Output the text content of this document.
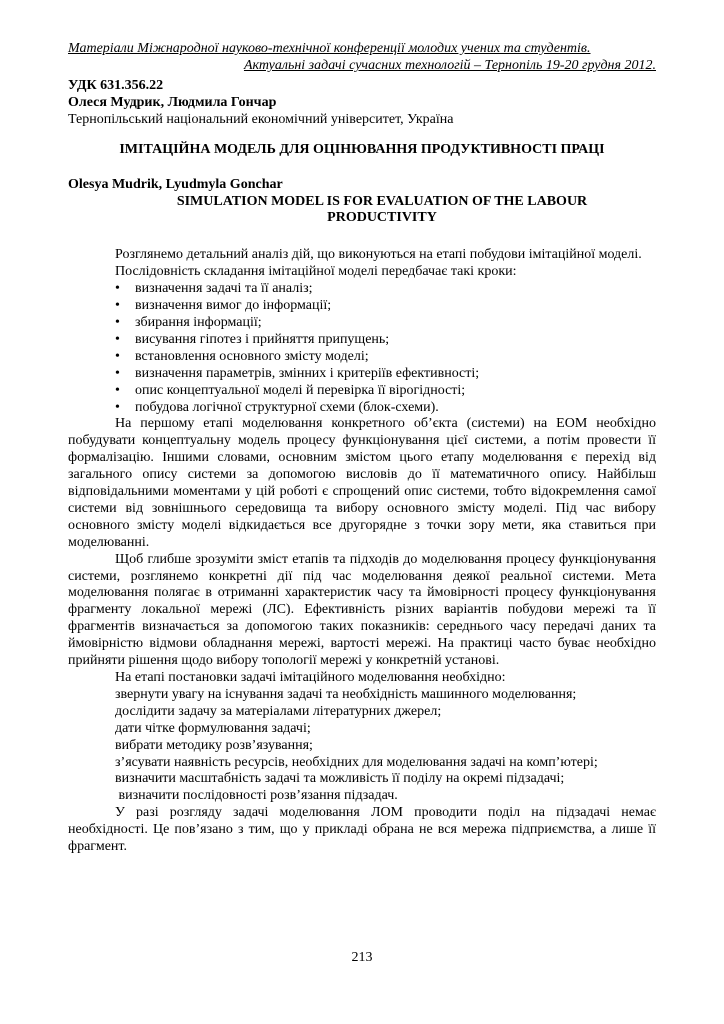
Матеріали Міжнародної науково-технічної конференції молодих учених та студентів.
Актуальні задачі сучасних технологій – Тернопіль 19-20 грудня 2012.
УДК 631.356.22
Олеся Мудрик, Людмила Гончар
Тернопільський національний економічний університет, Україна
ІМІТАЦІЙНА МОДЕЛЬ ДЛЯ ОЦІНЮВАННЯ ПРОДУКТИВНОСТІ ПРАЦІ
Olesya Mudrik, Lyudmyla Gonchar
SIMULATION MODEL IS FOR EVALUATION OF THE LABOUR
PRODUCTIVITY

Розглянемо детальний аналіз дій, що виконуються на етапі побудови імітаційної моделі.

Послідовність складання імітаційної моделі передбачає такі кроки:

• визначення задачі та її аналіз;
• визначення вимог до інформації;
• збирання інформації;
• висування гіпотез і прийняття припущень;
• встановлення основного змісту моделі;
• визначення параметрів, змінних і критеріїв ефективності;
• опис концептуальної моделі й перевірка її вірогідності;
• побудова логічної структурної схеми (блок-схеми).

На першому етапі моделювання конкретного об’єкта (системи) на ЕОМ необхідно побудувати концептуальну модель процесу функціонування цієї системи, а потім провести її формалізацію. Іншими словами, основним змістом цього етапу моделювання є перехід від загального опису системи за допомогою висловів до її математичного опису. Найбільш відповідальними моментами у цій роботі є спрощений опис системи, тобто відокремлення самої системи від зовнішнього середовища та вибору основного змісту моделі. Під час вибору основного змісту моделі відкидається все другорядне з точки зору мети, яка ставиться при моделюванні.

Щоб глибше зрозуміти зміст етапів та підходів до моделювання процесу функціонування системи, розглянемо конкретні дії під час моделювання деякої реальної системи. Мета моделювання полягає в отриманні характеристик часу та ймовірності процесу функціонування фрагменту локальної мережі (ЛС). Ефективність різних варіантів побудови мережі та її фрагментів визначається за допомогою таких показників: середнього часу передачі даних та ймовірністю відмови обладнання мережі, вартості мережі. На практиці часто буває необхідно прийняти рішення щодо вибору топології мережі у конкретній установі.

На етапі постановки задачі імітаційного моделювання необхідно:

звернути увагу на існування задачі та необхідність машинного моделювання;
дослідити задачу за матеріалами літературних джерел;
дати чітке формулювання задачі;
вибрати методику розв’язування;
з’ясувати наявність ресурсів, необхідних для моделювання задачі на комп’ютері;
визначити масштабність задачі та можливість її поділу на окремі підзадачі;
визначити послідовності розв’язання підзадач.

У разі розгляду задачі моделювання ЛОМ проводити поділ на підзадачі немає необхідності. Це пов’язано з тим, що у прикладі обрана не вся мережа підприємства, а лише її фрагмент.

213
